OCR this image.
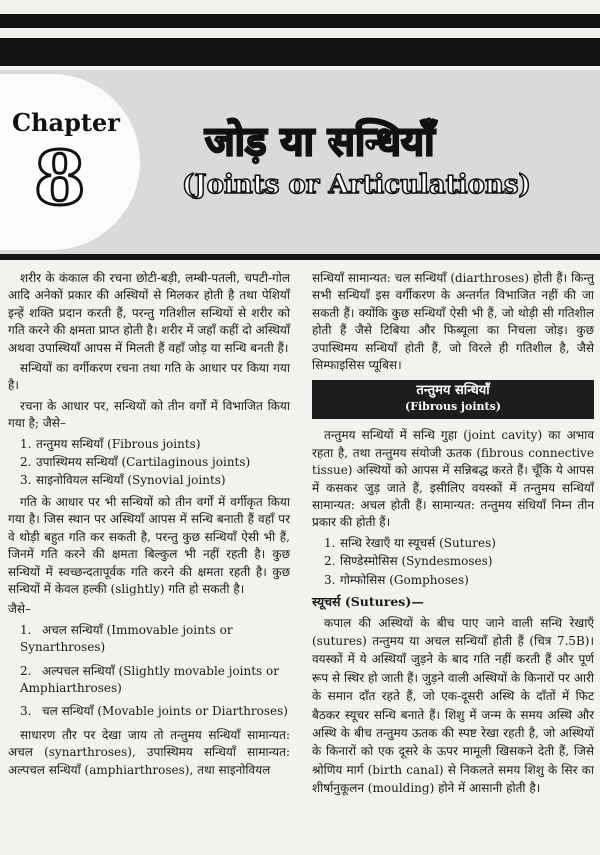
Chapter
8	जोड़ या सन्धियाँ
(Joints or Articulations)

शरीर के कंकाल की रचना छोटी-बड़ी, लम्बी-पतली, चपटी-गोल आदि अनेकों प्रकार की अस्थियों से मिलकर होती है तथा पेशियाँ इन्हें शक्ति प्रदान करती हैं, परन्तु गतिशील सन्धियों से शरीर को गति करने की क्षमता प्राप्त होती है। शरीर में जहाँ कहीं दो अस्थियाँ अथवा उपास्थियाँ आपस में मिलती हैं वहाँ जोड़ या सन्धि बनती हैं।

सन्धियों का वर्गीकरण रचना तथा गति के आधार पर किया गया है।

रचना के आधार पर, सन्धियों को तीन वर्गों में विभाजित किया गया है; जैसे–

1. तन्तुमय सन्धियाँ (Fibrous joints)
2. उपास्थिमय सन्धियाँ (Cartilaginous joints)
3. साइनोवियल सन्धियाँ (Synovial joints)

गति के आधार पर भी सन्धियों को तीन वर्गों में वर्गीकृत किया गया है। जिस स्थान पर अस्थियाँ आपस में सन्धि बनाती हैं वहाँ पर वे थोड़ी बहुत गति कर सकती है, परन्तु कुछ सन्धियाँ ऐसी भी हैं, जिनमें गति करने की क्षमता बिल्कुल भी नहीं रहती है। कुछ सन्धियों में स्वच्छन्दतापूर्वक गति करने की क्षमता रहती है। कुछ सन्धियों में केवल हल्की (slightly) गति हो सकती है।

जैसे–

1. अचल सन्धियाँ (Immovable joints or Synarthroses)
2. अल्पचल सन्धियाँ (Slightly movable joints or Amphiarthroses)
3. चल सन्धियाँ (Movable joints or Diarthroses)

साधारण तौर पर देखा जाय तो तन्तुमय सन्धियाँ सामान्यत: अचल (synarthroses), उपास्थिमय सन्धियाँ सामान्यत: अल्पचल सन्धियाँ (amphiarthroses), तथा साइनोवियल

सन्धियाँ सामान्यत: चल सन्धियाँ (diarthroses) होती हैं। किन्तु सभी सन्धियाँ इस वर्गीकरण के अन्तर्गत विभाजित नहीं की जा सकती हैं। क्योंकि कुछ सन्धियाँ ऐसी भी हैं, जो थोड़ी सी गतिशील होती हैं जैसे टिबिया और फिब्यूला का निचला जोड़। कुछ उपास्थिमय सन्धियाँ होती हैं, जो विरले ही गतिशील है, जैसे सिम्फाइसिस प्यूबिस।

तन्तुमय सन्धियाँ
(Fibrous joints)

तन्तुमय सन्धियों में सन्धि गुहा (joint cavity) का अभाव रहता है, तथा तन्तुमय संयोजी ऊतक (fibrous connective tissue) अस्थियों को आपस में सन्निबद्ध करते हैं। चूँकि ये आपस में कसकर जुड़ जाते हैं, इसीलिए वयस्कों में तन्तुमय सन्धियाँ सामान्यत: अचल होती हैं। सामान्यत: तन्तुमय संधियाँ निम्न तीन प्रकार की होती हैं।

1. सन्धि रेखाएँ या स्यूचर्स (Sutures)
2. सिण्डेस्मोसिस (Syndesmoses)
3. गोम्फोसिस (Gomphoses)
स्यूचर्स (Sutures)—

कपाल की अस्थियों के बीच पाए जाने वाली सन्धि रेखाएँ (sutures) तन्तुमय या अचल सन्धियाँ होती हैं (चित्र 7.5B)। वयस्कों में ये अस्थियाँ जुड़ने के बाद गति नहीं करती हैं और पूर्ण रूप से स्थिर हो जाती हैं। जुड़ने वाली अस्थियों के किनारों पर आरी के समान दाँत रहते हैं, जो एक-दूसरी अस्थि के दाँतों में फिट बैठकर स्यूचर सन्धि बनाते हैं। शिशु में जन्म के समय अस्थि और अस्थि के बीच तन्तुमय ऊतक की स्पष्ट रेखा रहती है, जो अस्थियों के किनारों को एक दूसरे के ऊपर मामूली खिसकने देती हैं, जिसे श्रोणिय मार्ग (birth canal) से निकलते समय शिशु के सिर का शीर्षानुकूलन (moulding) होने में आसानी होती है।
